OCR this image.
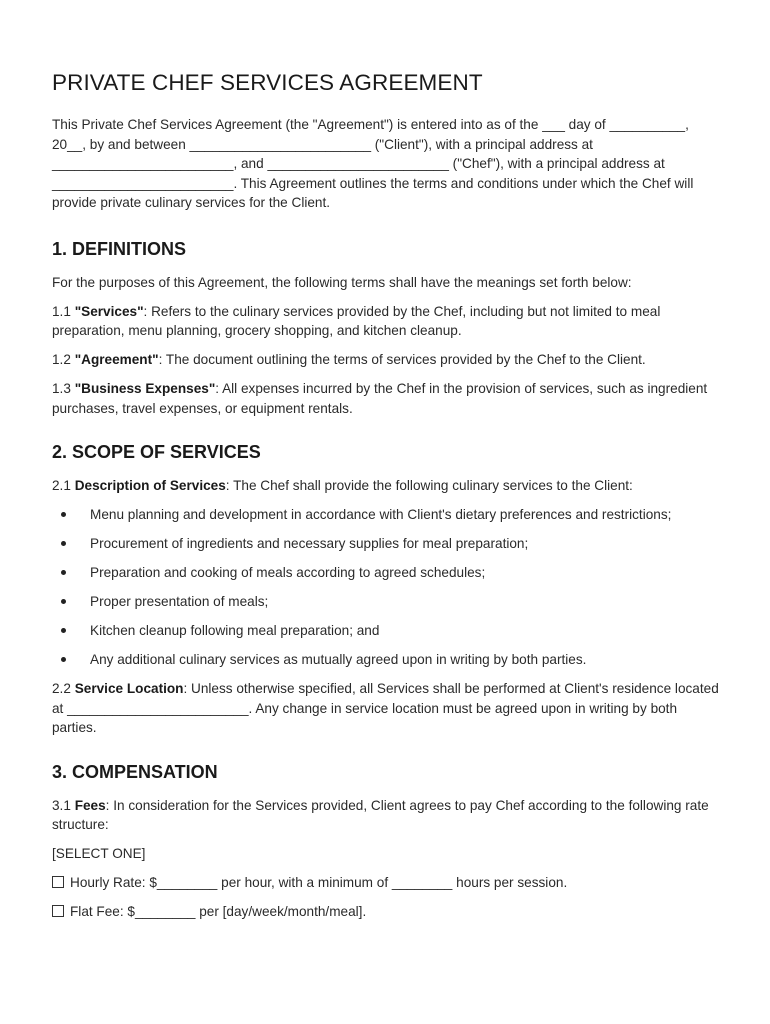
PRIVATE CHEF SERVICES AGREEMENT

This Private Chef Services Agreement (the "Agreement") is entered into as of the ___ day of __________, 20__, by and between ________________________ ("Client"), with a principal address at ________________________, and ________________________ ("Chef"), with a principal address at ________________________. This Agreement outlines the terms and conditions under which the Chef will provide private culinary services for the Client.

1. DEFINITIONS

For the purposes of this Agreement, the following terms shall have the meanings set forth below:

1.1 "Services": Refers to the culinary services provided by the Chef, including but not limited to meal preparation, menu planning, grocery shopping, and kitchen cleanup.

1.2 "Agreement": The document outlining the terms of services provided by the Chef to the Client.

1.3 "Business Expenses": All expenses incurred by the Chef in the provision of services, such as ingredient purchases, travel expenses, or equipment rentals.

2. SCOPE OF SERVICES

2.1 Description of Services: The Chef shall provide the following culinary services to the Client:

Menu planning and development in accordance with Client's dietary preferences and restrictions;
Procurement of ingredients and necessary supplies for meal preparation;
Preparation and cooking of meals according to agreed schedules;
Proper presentation of meals;
Kitchen cleanup following meal preparation; and
Any additional culinary services as mutually agreed upon in writing by both parties.

2.2 Service Location: Unless otherwise specified, all Services shall be performed at Client's residence located at ________________________. Any change in service location must be agreed upon in writing by both parties.

3. COMPENSATION

3.1 Fees: In consideration for the Services provided, Client agrees to pay Chef according to the following rate structure:

[SELECT ONE]

Hourly Rate: $________ per hour, with a minimum of ________ hours per session.

Flat Fee: $________ per [day/week/month/meal].
